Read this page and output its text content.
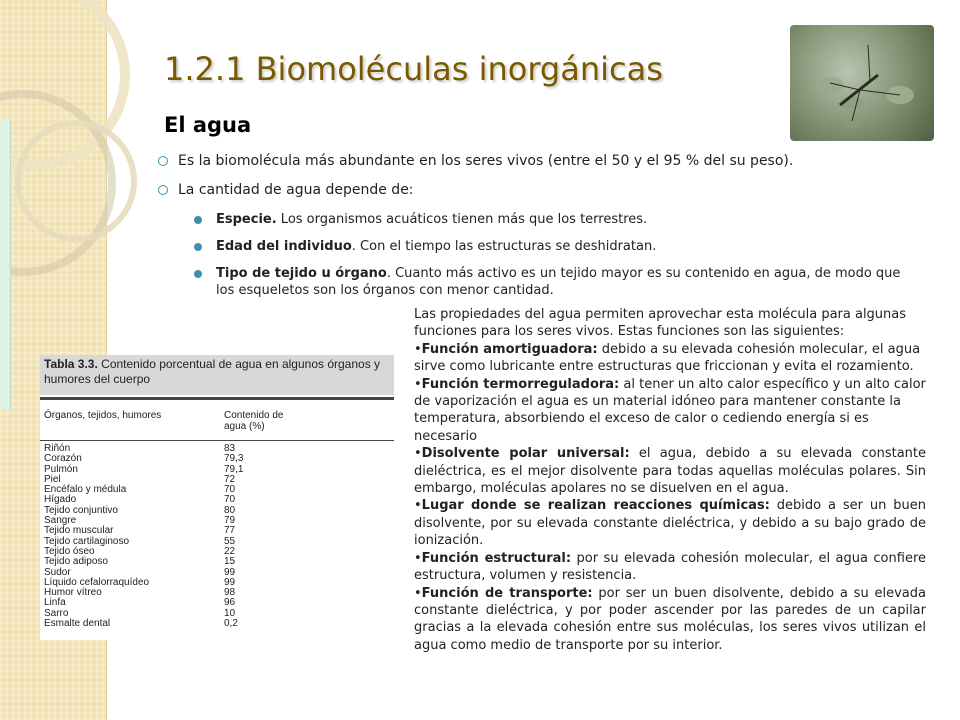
1.2.1 Biomoléculas inorgánicas
El agua
Es la biomolécula más abundante en los seres vivos (entre el 50 y el 95 % del su peso).
La cantidad de agua depende de:
Especie. Los organismos acuáticos tienen más que los terrestres.
Edad del individuo. Con el tiempo las estructuras se deshidratan.
Tipo de tejido u órgano. Cuanto más activo es un tejido mayor es su contenido en agua, de modo que los esqueletos son los órganos con menor cantidad.
Tabla 3.3. Contenido porcentual de agua en algunos órganos y humores del cuerpo
Órganos, tejidos, humores	Contenido de agua (%)
Riñón	83
Corazón	79,3
Pulmón	79,1
Piel	72
Encéfalo y médula	70
Hígado	70
Tejido conjuntivo	80
Sangre	79
Tejido muscular	77
Tejido cartilaginoso	55
Tejido óseo	22
Tejido adiposo	15
Sudor	99
Líquido cefalorraquídeo	99
Humor vítreo	98
Linfa	96
Sarro	10
Esmalte dental	0,2

Las propiedades del agua permiten aprovechar esta molécula para algunas funciones para los seres vivos. Estas funciones son las siguientes:

•Función amortiguadora: debido a su elevada cohesión molecular, el agua sirve como lubricante entre estructuras que friccionan y evita el rozamiento.

•Función termorreguladora: al tener un alto calor específico y un alto calor de vaporización el agua es un material idóneo para mantener constante la temperatura, absorbiendo el exceso de calor o cediendo energía si es necesario

•Disolvente polar universal: el agua, debido a su elevada constante dieléctrica, es el mejor disolvente para todas aquellas moléculas polares. Sin embargo, moléculas apolares no se disuelven en el agua.

•Lugar donde se realizan reacciones químicas: debido a ser un buen disolvente, por su elevada constante dieléctrica, y debido a su bajo grado de ionización.

•Función estructural: por su elevada cohesión molecular, el agua confiere estructura, volumen y resistencia.

•Función de transporte: por ser un buen disolvente, debido a su elevada constante dieléctrica, y por poder ascender por las paredes de un capilar gracias a la elevada cohesión entre sus moléculas, los seres vivos utilizan el agua como medio de transporte por su interior.
